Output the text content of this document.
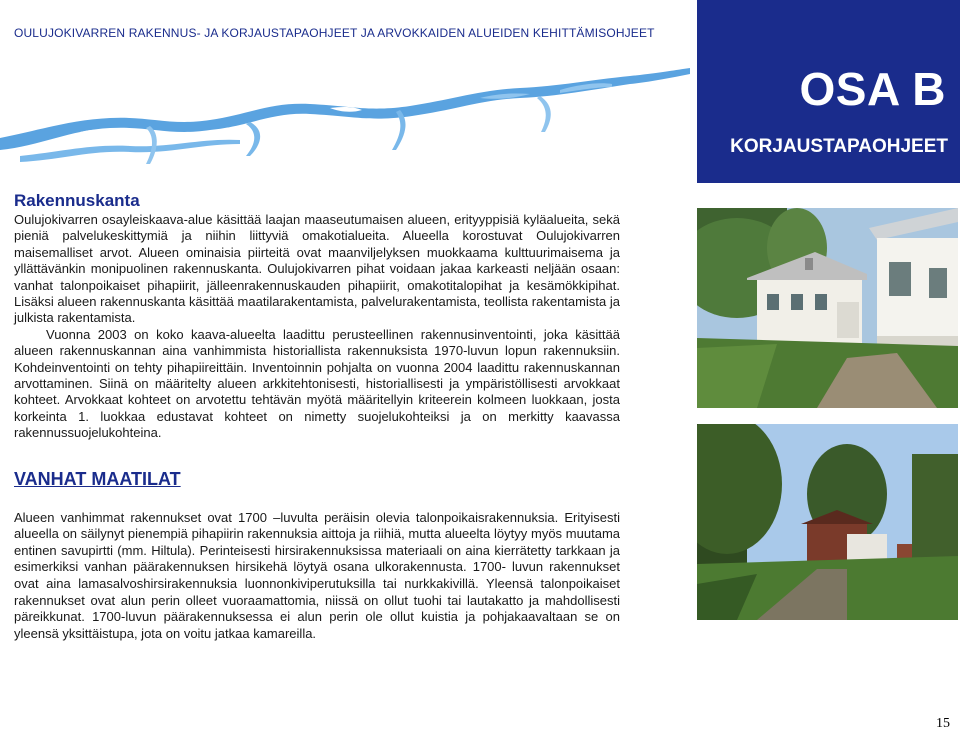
OULUJOKIVARREN RAKENNUS- JA KORJAUSTAPAOHJEET JA ARVOKKAIDEN ALUEIDEN KEHITTÄMISOHJEET
OSA B
KORJAUSTAPAOHJEET
Rakennuskanta

Oulujokivarren osayleiskaava-alue käsittää laajan maaseutumaisen alueen, erityyppisiä kyläalueita, sekä pieniä palvelukeskittymiä ja niihin liittyviä omakotialueita. Alueella korostuvat Oulujokivarren maisemalliset arvot. Alueen ominaisia piirteitä ovat maanviljelyksen muokkaama kulttuurimaisema ja yllättävänkin monipuolinen rakennuskanta. Oulujokivarren pihat voidaan jakaa karkeasti neljään osaan: vanhat talonpoikaiset pihapiirit, jälleenrakennuskauden pihapiirit, omakotitalopihat ja kesämökkipihat. Lisäksi alueen rakennuskanta käsittää maatilarakentamista, palvelurakentamista, teollista rakentamista ja julkista rakentamista.

Vuonna 2003 on koko kaava-alueelta laadittu perusteellinen rakennusinventointi, joka käsittää alueen rakennuskannan aina vanhimmista historiallista rakennuksista 1970-luvun lopun rakennuksiin. Kohdeinventointi on tehty pihapiireittäin. Inventoinnin pohjalta on vuonna 2004 laadittu rakennuskannan arvottaminen. Siinä on määritelty alueen arkkitehtonisesti, historiallisesti ja ympäristöllisesti arvokkaat kohteet. Arvokkaat kohteet on arvotettu tehtävän myötä määritellyin kriteerein kolmeen luokkaan, josta korkeinta 1. luokkaa edustavat kohteet on nimetty suojelukohteiksi ja on merkitty kaavassa rakennussuojelukohteina.

VANHAT MAATILAT

Alueen vanhimmat rakennukset ovat 1700 –luvulta peräisin olevia talonpoikaisrakennuksia. Erityisesti alueella on säilynyt pienempiä pihapiirin rakennuksia aittoja ja riihiä, mutta alueelta löytyy myös muutama entinen savupirtti (mm. Hiltula). Perinteisesti hirsirakennuksissa materiaali on aina kierrätetty tarkkaan ja esimerkiksi vanhan päärakennuksen hirsikehä löytyä osana ulkorakennusta. 1700- luvun rakennukset ovat aina lamasalvoshirsirakennuksia luonnonkiviperutuksilla tai nurkkakivillä. Yleensä talonpoikaiset rakennukset ovat alun perin olleet vuoraamattomia, niissä on ollut tuohi tai lautakatto ja mahdollisesti päreikkunat. 1700-luvun päärakennuksessa ei alun perin ole ollut kuistia ja pohjakaavaltaan se on yleensä yksittäistupa, jota on voitu jatkaa kamareilla.

15
